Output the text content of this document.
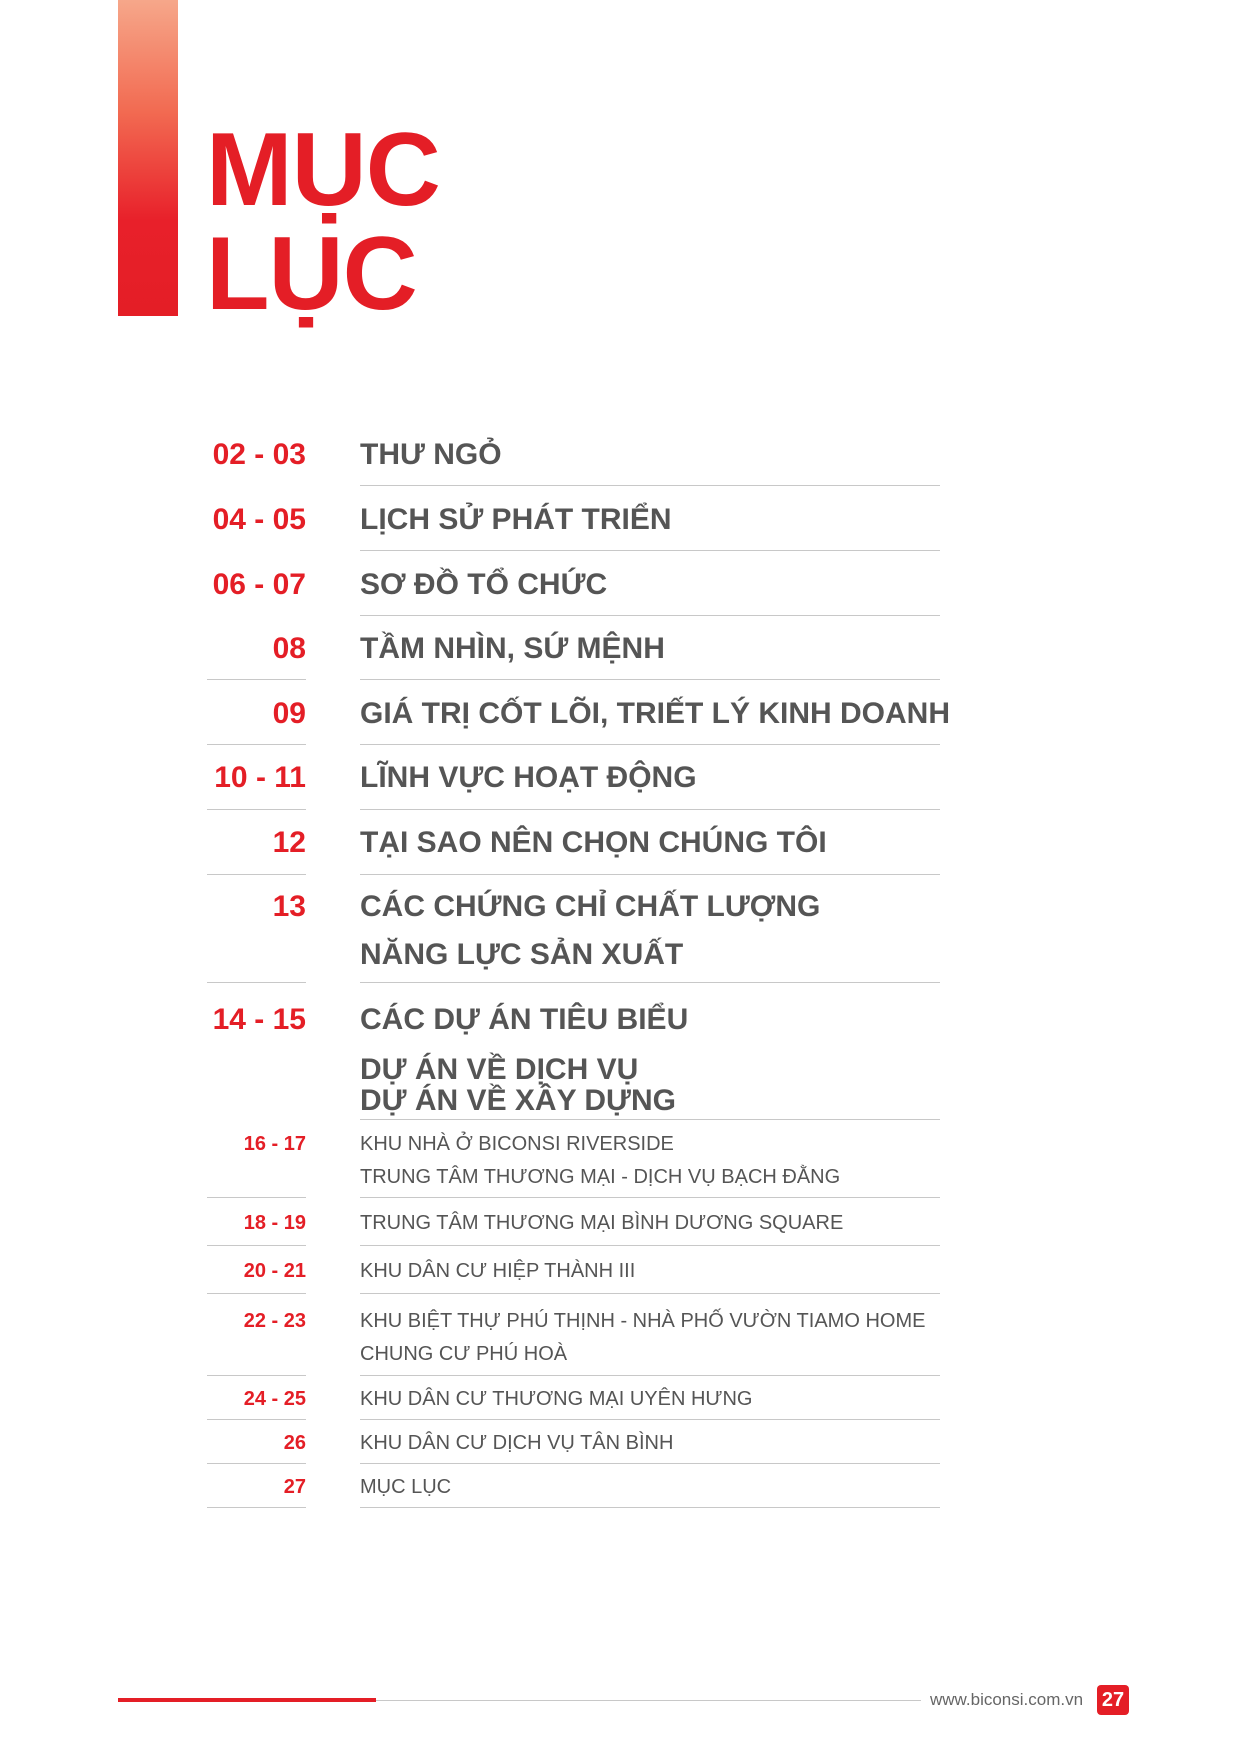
MỤC
LỤC
02 - 03 THƯ NGỎ
04 - 05 LỊCH SỬ PHÁT TRIỂN
06 - 07 SƠ ĐỒ TỔ CHỨC
08 TẦM NHÌN, SỨ MỆNH
09 GIÁ TRỊ CỐT LÕI, TRIẾT LÝ KINH DOANH
10 - 11 LĨNH VỰC HOẠT ĐỘNG
12 TẠI SAO NÊN CHỌN CHÚNG TÔI
13 CÁC CHỨNG CHỈ CHẤT LƯỢNG
NĂNG LỰC SẢN XUẤT
14 - 15 CÁC DỰ ÁN TIÊU BIỂU
DỰ ÁN VỀ DỊCH VỤ
DỰ ÁN VỀ XÂY DỰNG
16 - 17	KHU NHÀ Ở BICONSI RIVERSIDE
TRUNG TÂM THƯƠNG MẠI - DỊCH VỤ BẠCH ĐẰNG
18 - 19	TRUNG TÂM THƯƠNG MẠI BÌNH DƯƠNG SQUARE
20 - 21	KHU DÂN CƯ HIỆP THÀNH III
22 - 23	KHU BIỆT THỰ PHÚ THỊNH - NHÀ PHỐ VƯỜN TIAMO HOME
CHUNG CƯ PHÚ HOÀ
24 - 25	KHU DÂN CƯ THƯƠNG MẠI UYÊN HƯNG
26	KHU DÂN CƯ DỊCH VỤ TÂN BÌNH
27	MỤC LỤC
www.biconsi.com.vn 27
